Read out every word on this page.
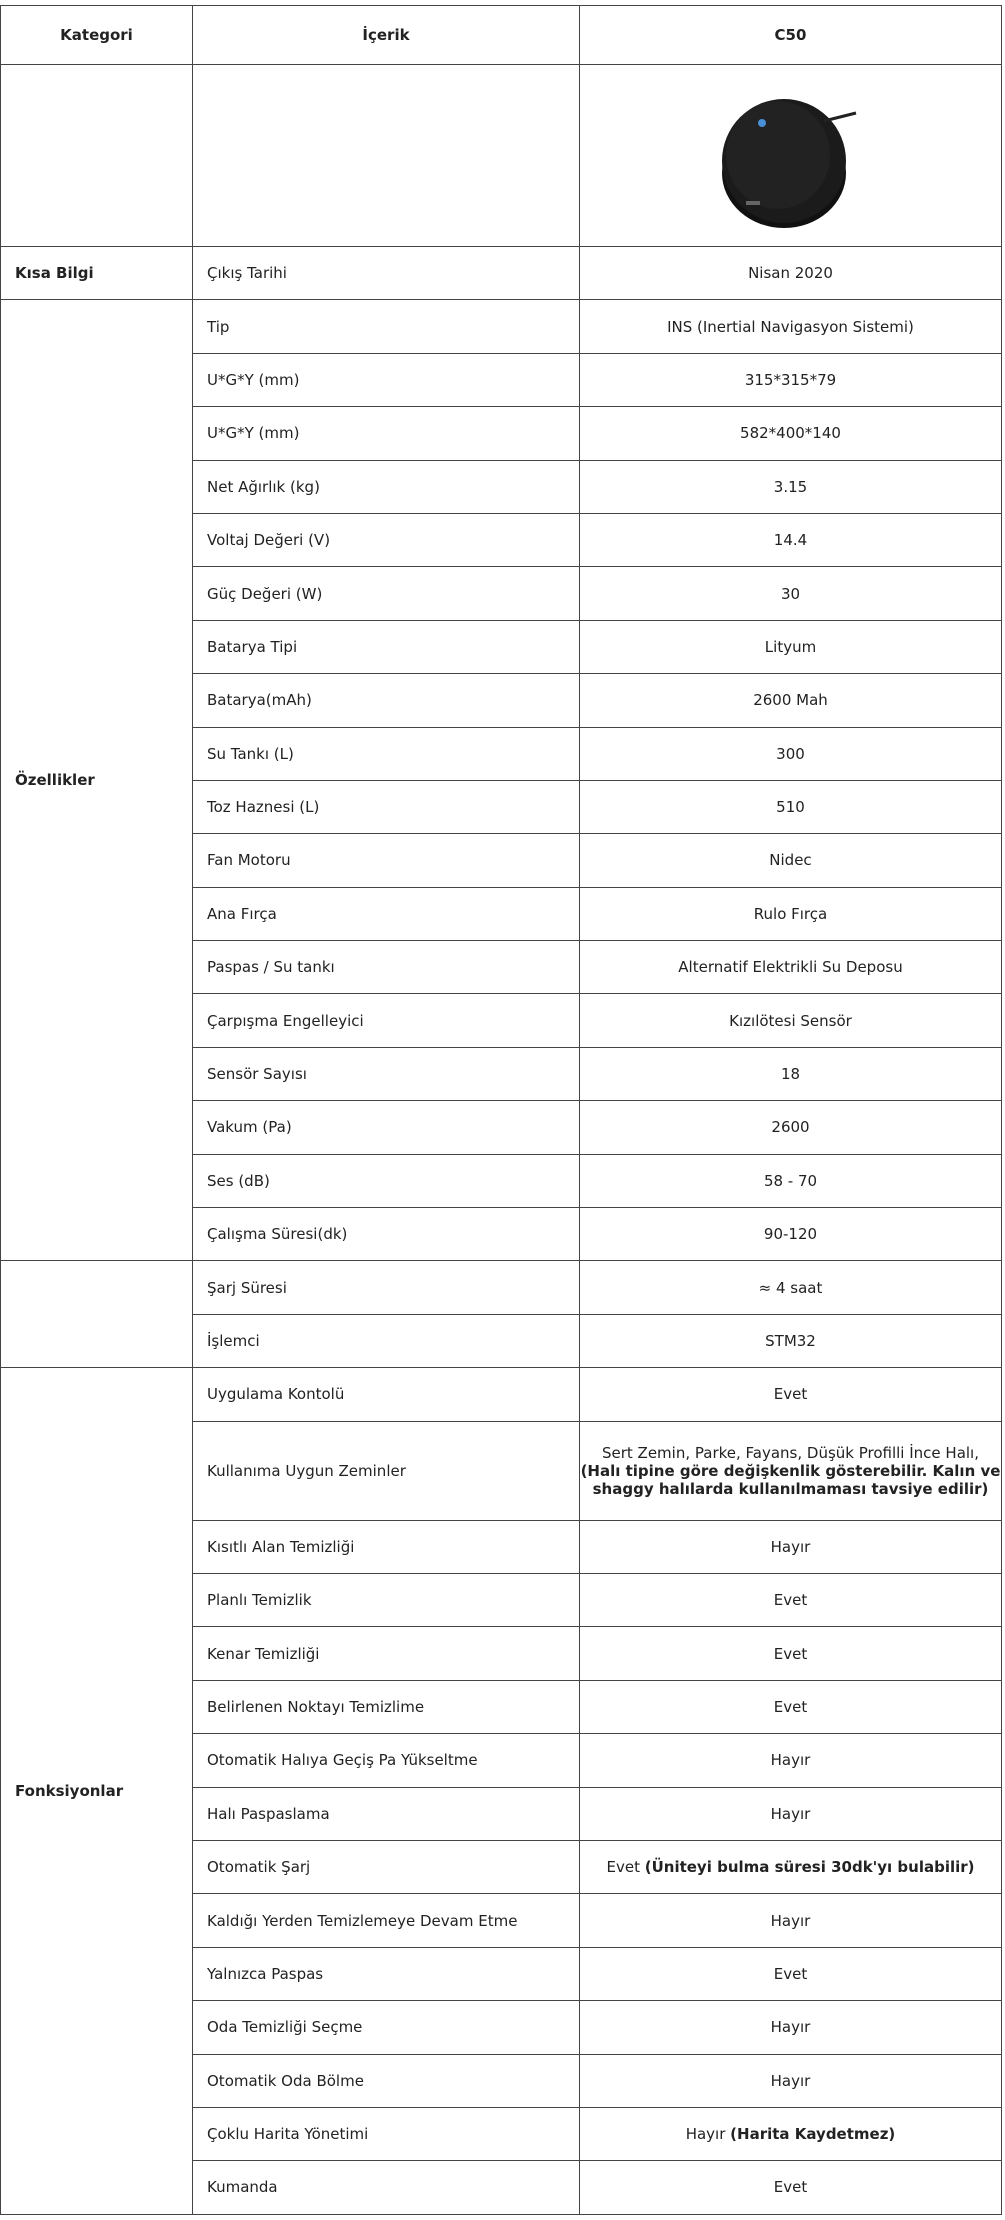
Kategori	İçerik	C50

Kısa Bilgi	Çıkış Tarihi	Nisan 2020
Özellikler	Tip	INS (Inertial Navigasyon Sistemi)
	U*G*Y (mm)	315*315*79
	U*G*Y (mm)	582*400*140
	Net Ağırlık (kg)	3.15
	Voltaj Değeri (V)	14.4
	Güç Değeri (W)	30
	Batarya Tipi	Lityum
	Batarya(mAh)	2600 Mah
	Su Tankı (L)	300
	Toz Haznesi (L)	510
	Fan Motoru	Nidec
	Ana Fırça	Rulo Fırça
	Paspas / Su tankı	Alternatif Elektrikli Su Deposu
	Çarpışma Engelleyici	Kızılötesi Sensör
	Sensör Sayısı	18
	Vakum (Pa)	2600
	Ses (dB)	58 - 70
	Çalışma Süresi(dk)	90-120
	Şarj Süresi	≈ 4 saat
	İşlemci	STM32
Fonksiyonlar	Uygulama Kontolü	Evet
	Kullanıma Uygun Zeminler	Sert Zemin, Parke, Fayans, Düşük Profilli İnce Halı,
(Halı tipine göre değişkenlik gösterebilir. Kalın ve shaggy halılarda kullanılmaması tavsiye edilir)
	Kısıtlı Alan Temizliği	Hayır
	Planlı Temizlik	Evet
	Kenar Temizliği	Evet
	Belirlenen Noktayı Temizlime	Evet
	Otomatik Halıya Geçiş Pa Yükseltme	Hayır
	Halı Paspaslama	Hayır
	Otomatik Şarj	Evet (Üniteyi bulma süresi 30dk'yı bulabilir)
	Kaldığı Yerden Temizlemeye Devam Etme	Hayır
	Yalnızca Paspas	Evet
	Oda Temizliği Seçme	Hayır
	Otomatik Oda Bölme	Hayır
	Çoklu Harita Yönetimi	Hayır (Harita Kaydetmez)
	Kumanda	Evet
